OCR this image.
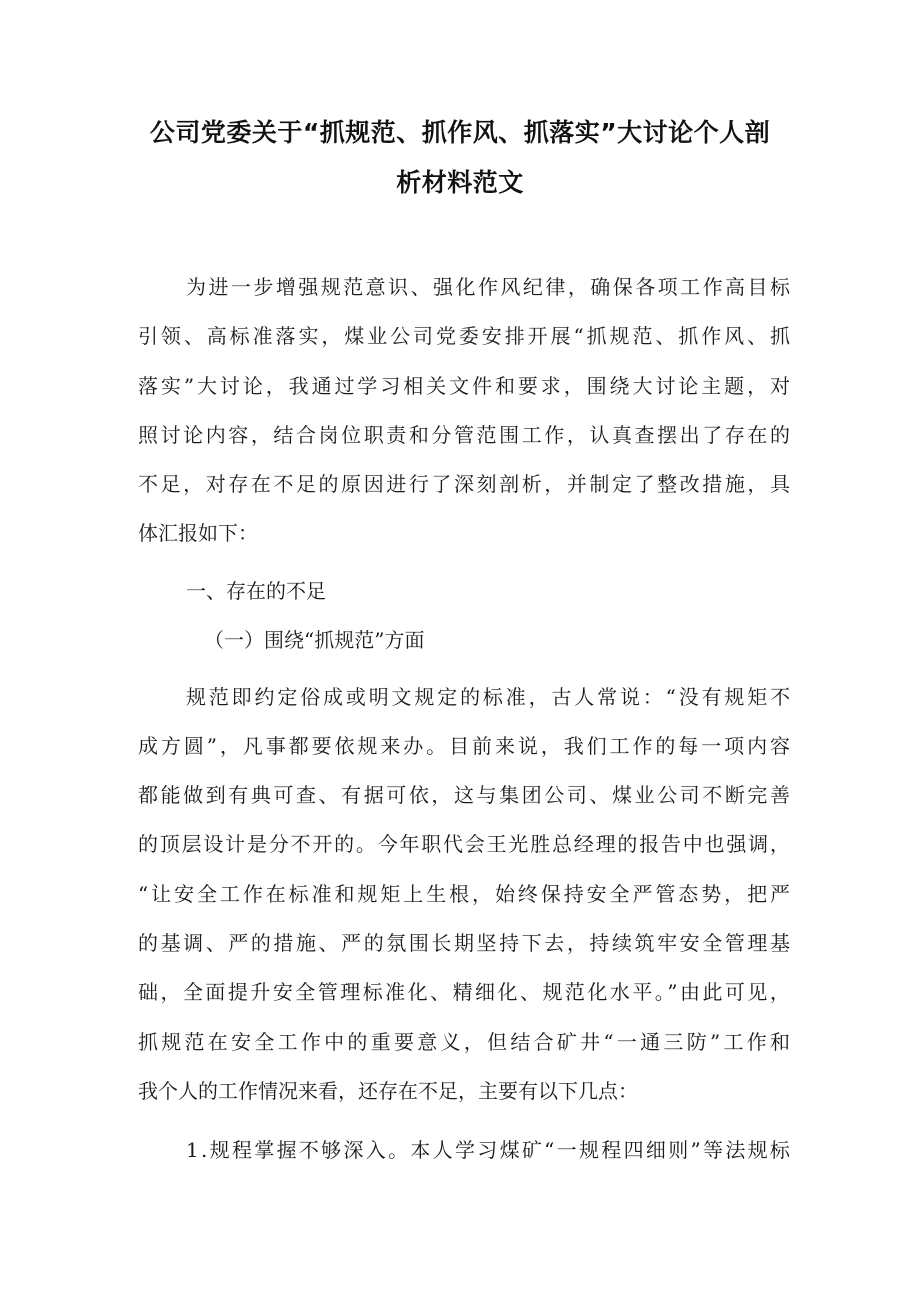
公司党委关于“抓规范、抓作风、抓落实”大讨论个人剖
析材料范文
为进一步增强规范意识、强化作风纪律，确保各项工作高目标
引领、高标准落实，煤业公司党委安排开展“抓规范、抓作风、抓
落实”大讨论，我通过学习相关文件和要求，围绕大讨论主题，对
照讨论内容，结合岗位职责和分管范围工作，认真查摆出了存在的
不足，对存在不足的原因进行了深刻剖析，并制定了整改措施，具
体汇报如下：
一、存在的不足
（一）围绕“抓规范”方面
规范即约定俗成或明文规定的标准，古人常说：“没有规矩不
成方圆”，凡事都要依规来办。目前来说，我们工作的每一项内容
都能做到有典可查、有据可依，这与集团公司、煤业公司不断完善
的顶层设计是分不开的。今年职代会王光胜总经理的报告中也强调，
“让安全工作在标准和规矩上生根，始终保持安全严管态势，把严
的基调、严的措施、严的氛围长期坚持下去，持续筑牢安全管理基
础，全面提升安全管理标准化、精细化、规范化水平。”由此可见，
抓规范在安全工作中的重要意义，但结合矿井“一通三防”工作和
我个人的工作情况来看，还存在不足，主要有以下几点：
1.规程掌握不够深入。本人学习煤矿“一规程四细则”等法规标
